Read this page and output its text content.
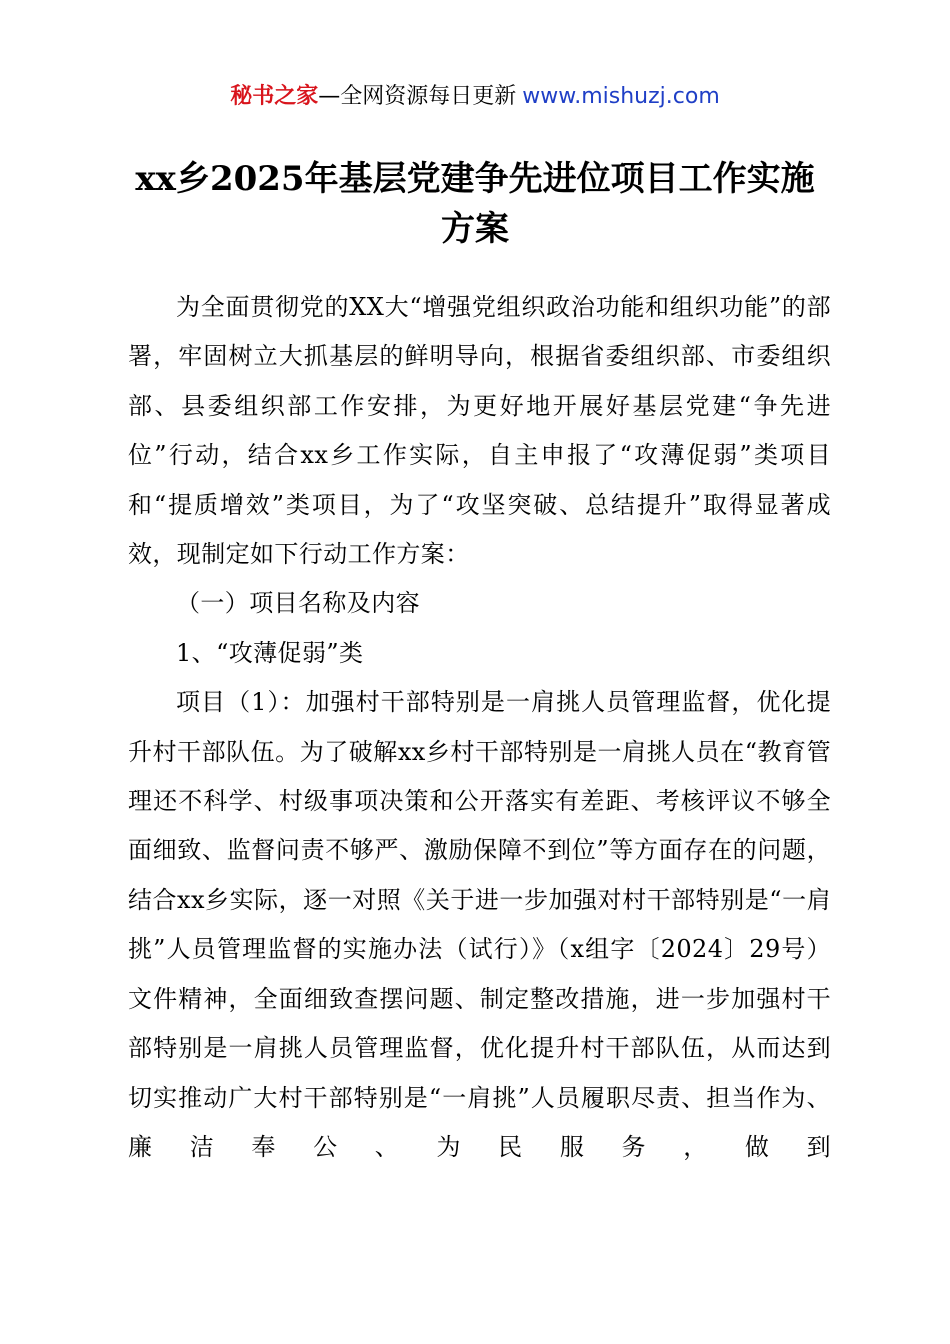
秘书之家—全网资源每日更新 www.mishuzj.com
xx乡2025年基层党建争先进位项目工作实施方案

为全面贯彻党的XX大“增强党组织政治功能和组织功能”的部署，牢固树立大抓基层的鲜明导向，根据省委组织部、市委组织部、县委组织部工作安排，为更好地开展好基层党建“争先进位”行动，结合xx乡工作实际，自主申报了“攻薄促弱”类项目和“提质增效”类项目，为了“攻坚突破、总结提升”取得显著成效，现制定如下行动工作方案：

（一）项目名称及内容

1、“攻薄促弱”类

项目（1）：加强村干部特别是一肩挑人员管理监督，优化提升村干部队伍。为了破解xx乡村干部特别是一肩挑人员在“教育管理还不科学、村级事项决策和公开落实有差距、考核评议不够全面细致、监督问责不够严、激励保障不到位”等方面存在的问题，结合xx乡实际，逐一对照《关于进一步加强对村干部特别是“一肩挑”人员管理监督的实施办法（试行）》（x组字〔2024〕29号）文件精神，全面细致查摆问题、制定整改措施，进一步加强村干部特别是一肩挑人员管理监督，优化提升村干部队伍，从而达到切实推动广大村干部特别是“一肩挑”人员履职尽责、担当作为、廉洁奉公、为民服务，做到
